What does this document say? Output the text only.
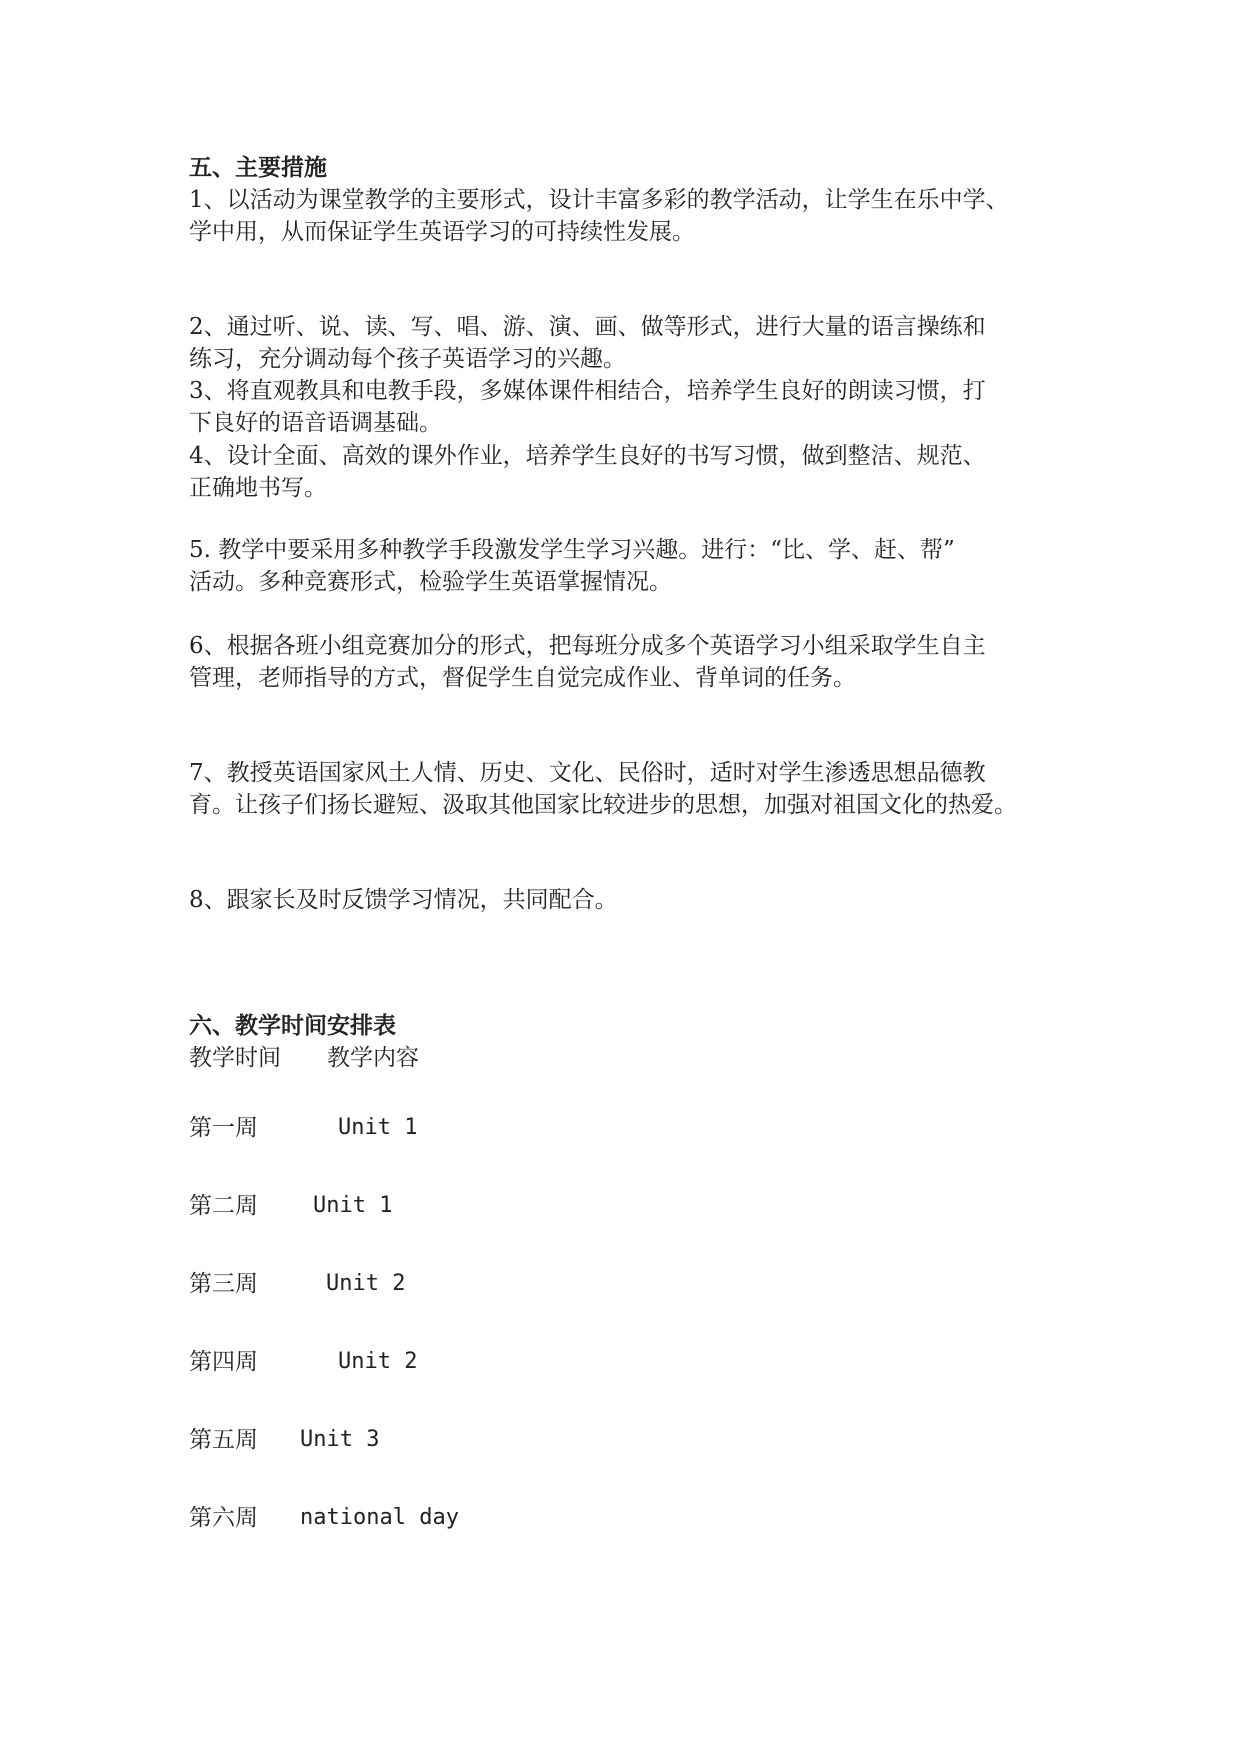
五、主要措施
1、以活动为课堂教学的主要形式，设计丰富多彩的教学活动，让学生在乐中学、
学中用，从而保证学生英语学习的可持续性发展。
2、通过听、说、读、写、唱、游、演、画、做等形式，进行大量的语言操练和
练习，充分调动每个孩子英语学习的兴趣。
3、将直观教具和电教手段，多媒体课件相结合，培养学生良好的朗读习惯，打
下良好的语音语调基础。
4、设计全面、高效的课外作业，培养学生良好的书写习惯，做到整洁、规范、
正确地书写。
5. 教学中要采用多种教学手段激发学生学习兴趣。进行：“比、学、赶、帮”
活动。多种竞赛形式，检验学生英语掌握情况。
6、根据各班小组竞赛加分的形式，把每班分成多个英语学习小组采取学生自主
管理，老师指导的方式，督促学生自觉完成作业、背单词的任务。
7、教授英语国家风土人情、历史、文化、民俗时，适时对学生渗透思想品德教
育。让孩子们扬长避短、汲取其他国家比较进步的思想，加强对祖国文化的热爱。
8、跟家长及时反馈学习情况，共同配合。
六、教学时间安排表
教学时间 教学内容
第一周	Unit 1
第二周	Unit 1
第三周	Unit 2
第四周	Unit 2
第五周 Unit 3
第六周 national day
